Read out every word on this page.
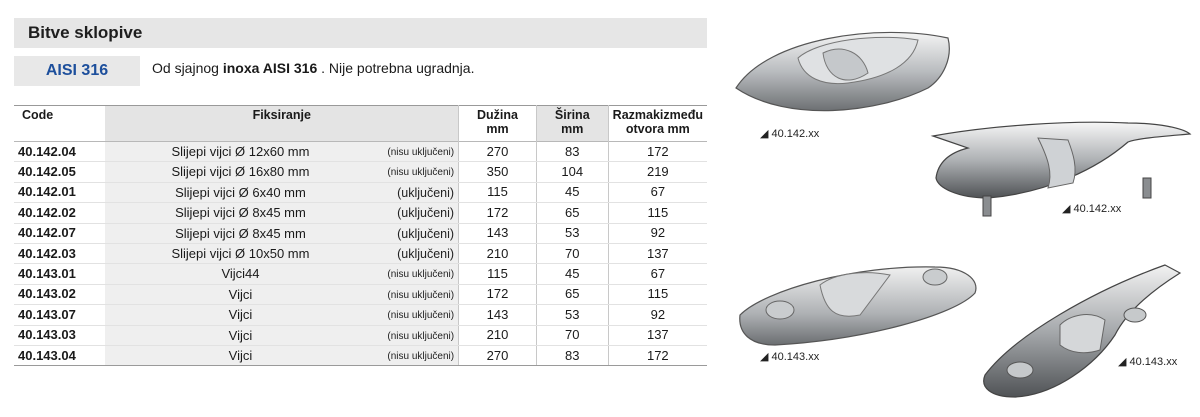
Bitve sklopive
AISI 316	Od sjajnog inoxa AISI 316 . Nije potrebna ugradnja.
Code	Fiksiranje	Dužina mm	Širina mm	Razmakizmeđu otvora mm
40.142.04	Slijepi vijci Ø 12x60 mm (nisu uključeni)	270	83	172
40.142.05	Slijepi vijci Ø 16x80 mm (nisu uključeni)	350	104	219
40.142.01	Slijepi vijci Ø 6x40 mm (uključeni)	115	45	67
40.142.02	Slijepi vijci Ø 8x45 mm (uključeni)	172	65	115
40.142.07	Slijepi vijci Ø 8x45 mm (uključeni)	143	53	92
40.142.03	Slijepi vijci Ø 10x50 mm (uključeni)	210	70	137
40.143.01	Vijci44 (nisu uključeni)	115	45	67
40.143.02	Vijci (nisu uključeni)	172	65	115
40.143.07	Vijci (nisu uključeni)	143	53	92
40.143.03	Vijci (nisu uključeni)	210	70	137
40.143.04	Vijci (nisu uključeni)	270	83	172
◢ 40.142.xx
◢ 40.142.xx
◢ 40.143.xx	◢ 40.143.xx
